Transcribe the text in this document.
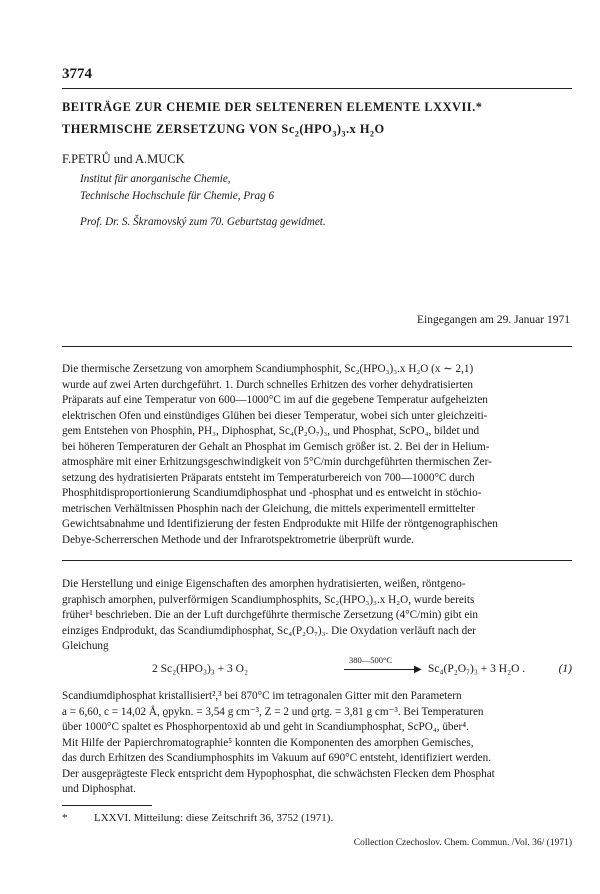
3774
BEITRÄGE ZUR CHEMIE DER SELTENEREN ELEMENTE LXXVII.*
THERMISCHE ZERSETZUNG VON $Sc_2(HPO_3)_3.x$ $H_2O$
F.PETRŮ und A.MUCK
Institut für anorganische Chemie,
Technische Hochschule für Chemie, Prag 6
Prof. Dr. S. Škramovský zum 70. Geburtstag gewidmet.
Eingegangen am 29. Januar 1971

Die thermische Zersetzung von amorphem Scandiumphosphit, Sc₂(HPO₃)₃.x H₂O (x ∼ 2,1)

wurde auf zwei Arten durchgeführt. 1. Durch schnelles Erhitzen des vorher dehydratisierten

Präparats auf eine Temperatur von 600—1000°C im auf die gegebene Temperatur aufgeheizten

elektrischen Ofen und einstündiges Glühen bei dieser Temperatur, wobei sich unter gleichzeiti-

gem Entstehen von Phosphin, PH₃, Diphosphat, Sc₄(P₂O₇)₃, und Phosphat, ScPO₄, bildet und

bei höheren Temperaturen der Gehalt an Phosphat im Gemisch größer ist. 2. Bei der in Helium-

atmosphäre mit einer Erhitzungsgeschwindigkeit von 5°C/min durchgeführten thermischen Zer-

setzung des hydratisierten Präparats entsteht im Temperaturbereich von 700—1000°C durch

Phosphitdisproportionierung Scandiumdiphosphat und -phosphat und es entweicht in stöchio-

metrischen Verhältnissen Phosphin nach der Gleichung, die mittels experimentell ermittelter

Gewichtsabnahme und Identifizierung der festen Endprodukte mit Hilfe der röntgenographischen

Debye-Scherrerschen Methode und der Infrarotspektrometrie überprüft wurde.

Die Herstellung und einige Eigenschaften des amorphen hydratisierten, weißen, röntgeno-

graphisch amorphen, pulverförmigen Scandiumphosphits, Sc₂(HPO₃)₃.x H₂O, wurde bereits

früher¹ beschrieben. Die an der Luft durchgeführte thermische Zersetzung (4°C/min) gibt ein

einziges Endprodukt, das Scandiumdiphosphat, Sc₄(P₂O₇)₃. Die Oxydation verläuft nach der

Gleichung

2 Sc₂(HPO₃)₃ + 3 O₂
380—500°C
▶ Sc₄(P₂O₇)₃ + 3 H₂O .	(1)

Scandiumdiphosphat kristallisiert²,³ bei 870°C im tetragonalen Gitter mit den Parametern

a = 6,60, c = 14,02 Å, ϱpykn. = 3,54 g cm⁻³, Z = 2 und ϱrtg. = 3,81 g cm⁻³. Bei Temperaturen

über 1000°C spaltet es Phosphorpentoxid ab und geht in Scandiumphosphat, ScPO₄, über⁴.

Mit Hilfe der Papierchromatographie⁵ konnten die Komponenten des amorphen Gemisches,

das durch Erhitzen des Scandiumphosphits im Vakuum auf 690°C entsteht, identifiziert werden.

Der ausgeprägteste Fleck entspricht dem Hypophosphat, die schwächsten Flecken dem Phosphat

und Diphosphat.

* LXXVI. Mitteilung: diese Zeitschrift 36, 3752 (1971).
Collection Czechoslov. Chem. Commun. /Vol. 36/ (1971)
